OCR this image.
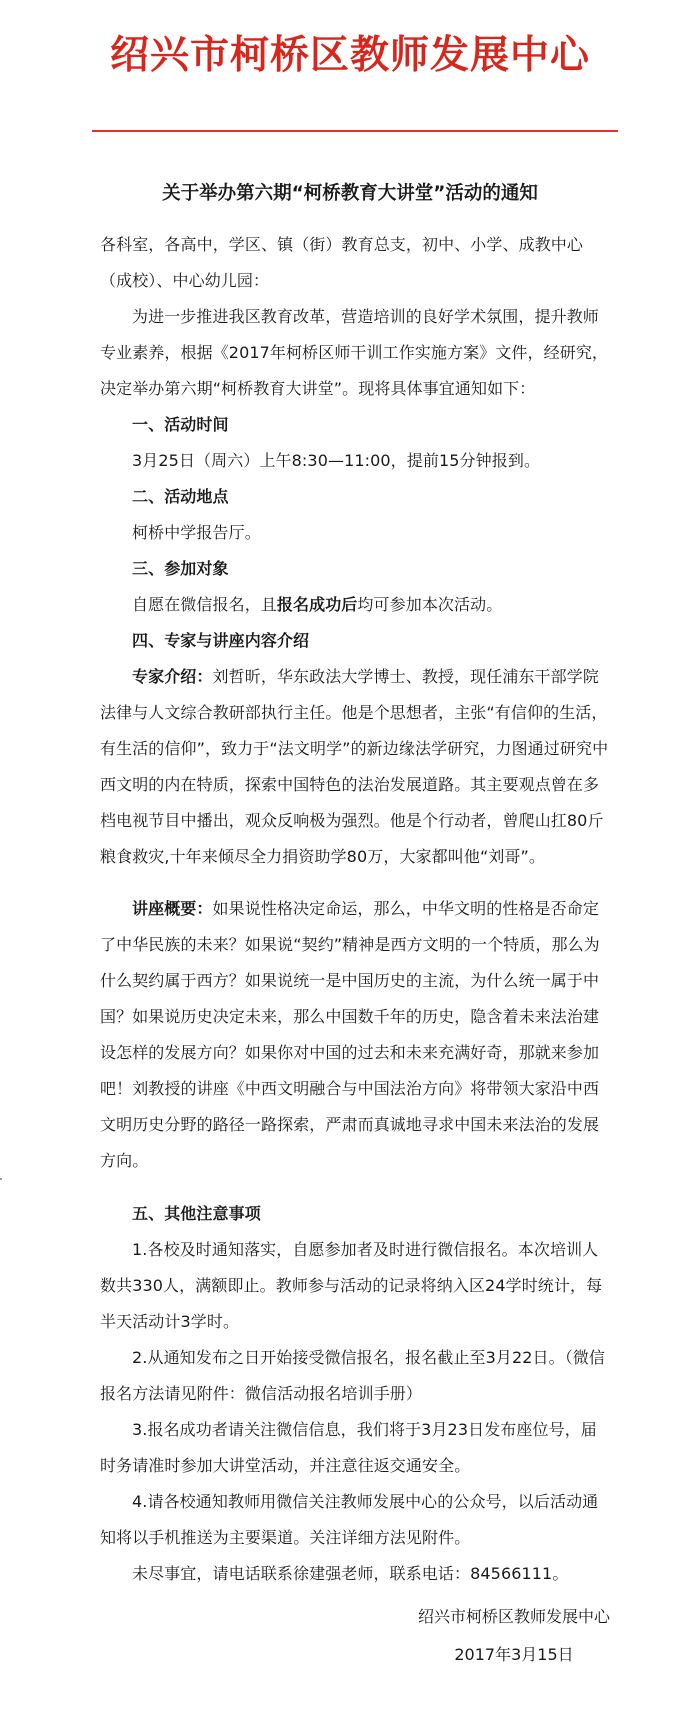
绍兴市柯桥区教师发展中心
关于举办第六期“柯桥教育大讲堂”活动的通知

各科室，各高中，学区、镇（街）教育总支，初中、小学、成教中心（成校）、中心幼儿园：

为进一步推进我区教育改革，营造培训的良好学术氛围，提升教师专业素养，根据《2017年柯桥区师干训工作实施方案》文件，经研究，决定举办第六期“柯桥教育大讲堂”。现将具体事宜通知如下：

一、活动时间

3月25日（周六）上午8:30—11:00，提前15分钟报到。

二、活动地点

柯桥中学报告厅。

三、参加对象

自愿在微信报名，且报名成功后均可参加本次活动。

四、专家与讲座内容介绍

专家介绍：刘哲昕，华东政法大学博士、教授，现任浦东干部学院法律与人文综合教研部执行主任。他是个思想者，主张“有信仰的生活，有生活的信仰”，致力于“法文明学”的新边缘法学研究，力图通过研究中西文明的内在特质，探索中国特色的法治发展道路。其主要观点曾在多档电视节目中播出，观众反响极为强烈。他是个行动者，曾爬山扛80斤粮食救灾,十年来倾尽全力捐资助学80万，大家都叫他“刘哥”。

讲座概要：如果说性格决定命运，那么，中华文明的性格是否命定了中华民族的未来？如果说“契约”精神是西方文明的一个特质，那么为什么契约属于西方？如果说统一是中国历史的主流，为什么统一属于中国？如果说历史决定未来，那么中国数千年的历史，隐含着未来法治建设怎样的发展方向？如果你对中国的过去和未来充满好奇，那就来参加吧！刘教授的讲座《中西文明融合与中国法治方向》将带领大家沿中西文明历史分野的路径一路探索，严肃而真诚地寻求中国未来法治的发展方向。

五、其他注意事项

1.各校及时通知落实，自愿参加者及时进行微信报名。本次培训人数共330人，满额即止。教师参与活动的记录将纳入区24学时统计，每半天活动计3学时。

2.从通知发布之日开始接受微信报名，报名截止至3月22日。（微信报名方法请见附件：微信活动报名培训手册）

3.报名成功者请关注微信信息，我们将于3月23日发布座位号，届时务请准时参加大讲堂活动，并注意往返交通安全。

4.请各校通知教师用微信关注教师发展中心的公众号，以后活动通知将以手机推送为主要渠道。关注详细方法见附件。

未尽事宜，请电话联系徐建强老师，联系电话：84566111。

绍兴市柯桥区教师发展中心
2017年3月15日
